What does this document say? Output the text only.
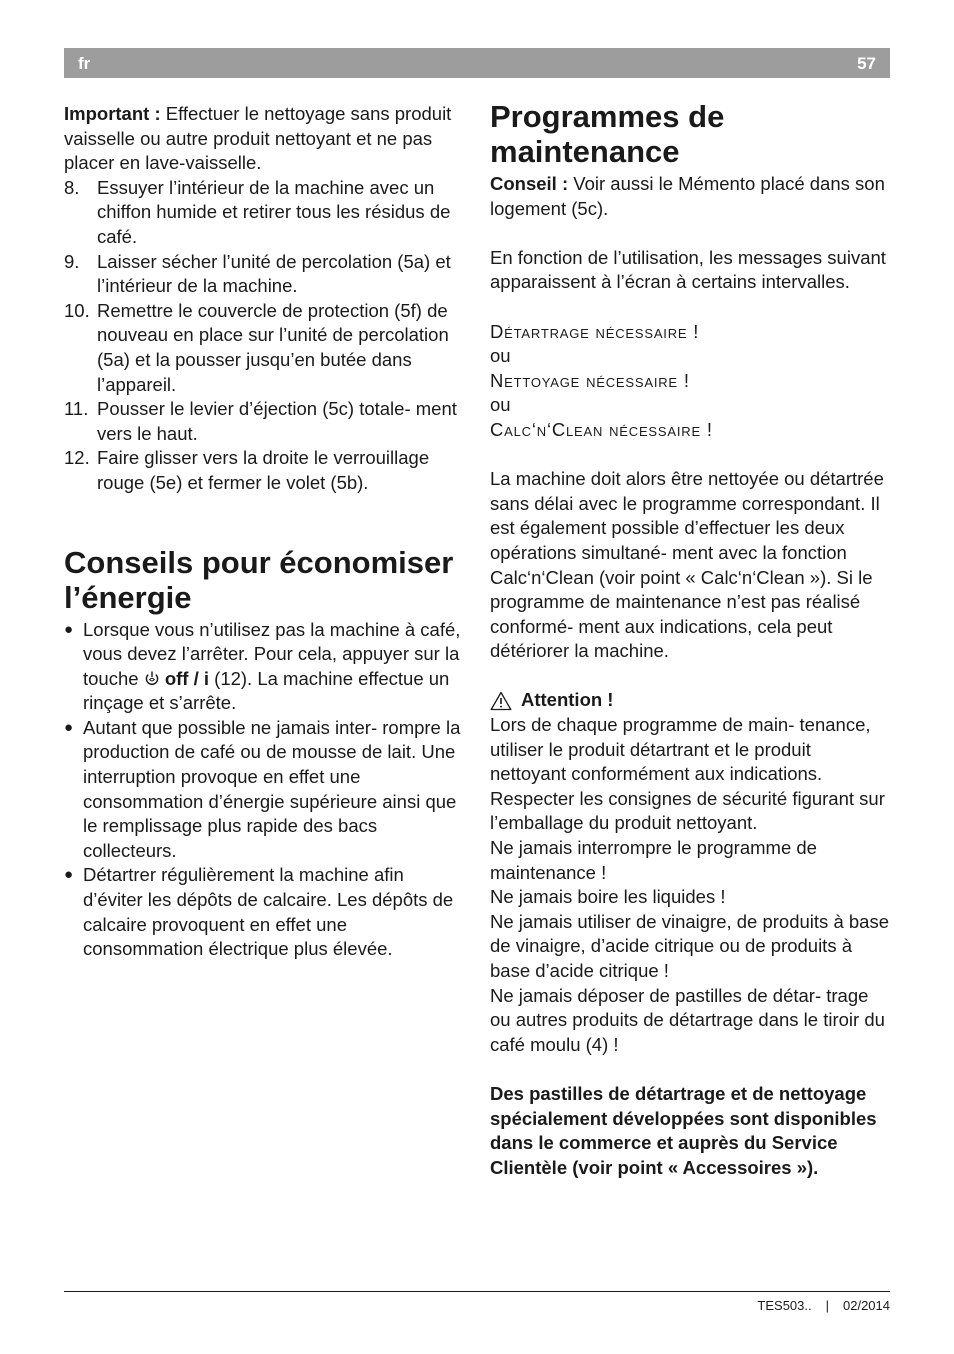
fr	57

Important : Effectuer le nettoyage sans produit vaisselle ou autre produit nettoyant et ne pas placer en lave-vaisselle.

8. Essuyer l’intérieur de la machine avec un chiffon humide et retirer tous les résidus de café.
9. Laisser sécher l’unité de percolation (5a) et l’intérieur de la machine.
10. Remettre le couvercle de protection (5f) de nouveau en place sur l’unité de percolation (5a) et la pousser jusqu’en butée dans l’appareil.
11. Pousser le levier d’éjection (5c) totale- ment vers le haut.
12. Faire glisser vers la droite le verrouillage rouge (5e) et fermer le volet (5b).
Conseils pour économiser l’énergie
● Lorsque vous n’utilisez pas la machine à café, vous devez l’arrêter. Pour cela, appuyer sur la touche  off / i (12). La machine effectue un rinçage et s’arrête.
● Autant que possible ne jamais inter- rompre la production de café ou de mousse de lait. Une interruption provoque en effet une consommation d’énergie supérieure ainsi que le remplissage plus rapide des bacs collecteurs.
● Détartrer régulièrement la machine afin d’éviter les dépôts de calcaire. Les dépôts de calcaire provoquent en effet une consommation électrique plus élevée.
Programmes de maintenance

Conseil : Voir aussi le Mémento placé dans son logement (5c).

En fonction de l’utilisation, les messages suivant apparaissent à l’écran à certains intervalles.

Détartrage nécessaire !

ou

Nettoyage nécessaire !

ou

Calc‘n‘Clean nécessaire !

La machine doit alors être nettoyée ou détartrée sans délai avec le programme correspondant. Il est également possible d’effectuer les deux opérations simultané- ment avec la fonction Calc‘n‘Clean (voir point « Calc‘n‘Clean »). Si le programme de maintenance n’est pas réalisé conformé- ment aux indications, cela peut détériorer la machine.

Attention !

Lors de chaque programme de main- tenance, utiliser le produit détartrant et le produit nettoyant conformément aux indications. Respecter les consignes de sécurité figurant sur l’emballage du produit nettoyant.

Ne jamais interrompre le programme de maintenance !

Ne jamais boire les liquides !

Ne jamais utiliser de vinaigre, de produits à base de vinaigre, d’acide citrique ou de produits à base d’acide citrique !

Ne jamais déposer de pastilles de détar- trage ou autres produits de détartrage dans le tiroir du café moulu (4) !

Des pastilles de détartrage et de nettoyage spécialement développées sont disponibles dans le commerce et auprès du Service Clientèle (voir point « Accessoires »).

TES503.. | 02/2014
